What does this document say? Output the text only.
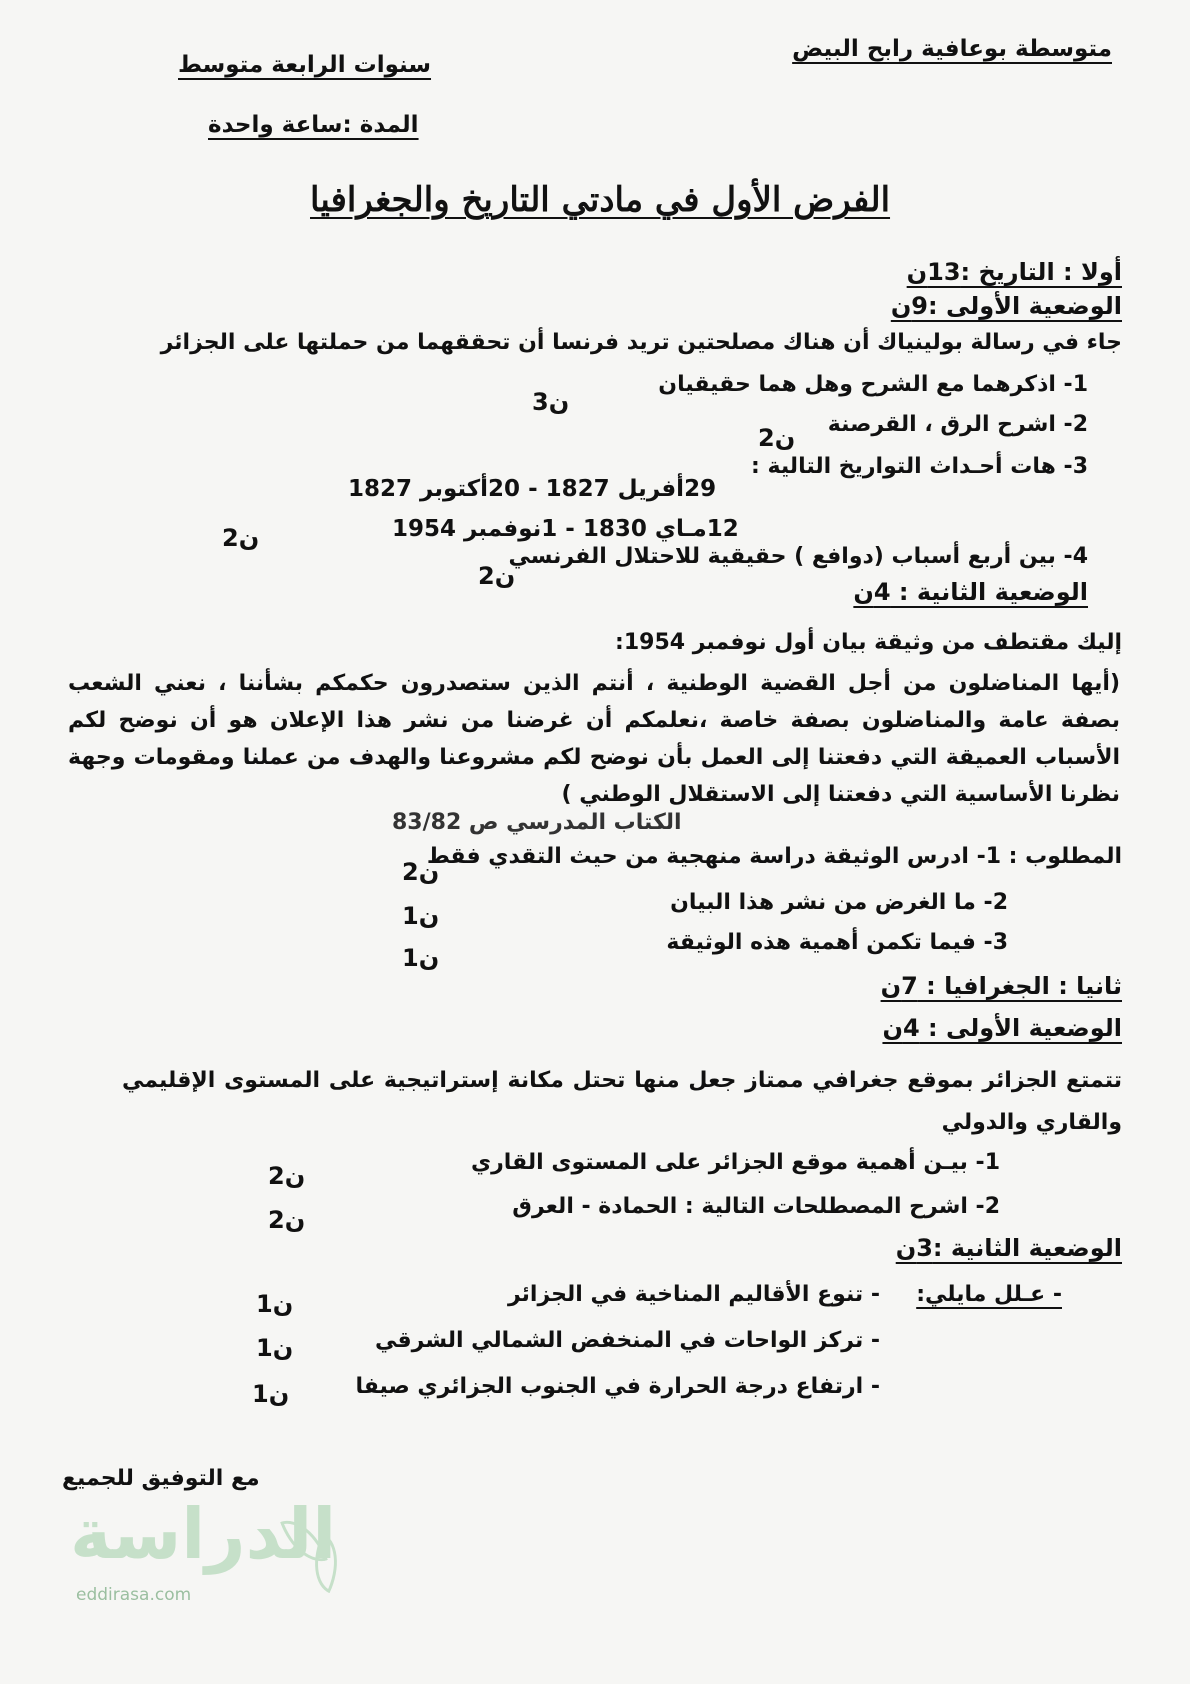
متوسطة بوعافية رابح البيض
سنوات الرابعة متوسط
المدة :ساعة واحدة
الفرض الأول في مادتي التاريخ والجغرافيا
أولا : التاريخ :13ن
الوضعية الأولى :9ن
جاء في رسالة بولينياك أن هناك مصلحتين تريد فرنسا أن تحققهما من حملتها على الجزائر
1- اذكرهما مع الشرح وهل هما حقيقيان
3ن
2- اشرح الرق ، القرصنة
2ن
3- هات أحـداث التواريخ التالية :
29أفريل 1827 - 20أكتوبر 1827
12مـاي 1830 - 1نوفمبر 1954
2ن
4- بين أربع أسباب (دوافع ) حقيقية للاحتلال الفرنسي
2ن
الوضعية الثانية : 4ن
إليك مقتطف من وثيقة بيان أول نوفمبر 1954:
(أيها المناضلون من أجل القضية الوطنية ، أنتم الذين ستصدرون حكمكم بشأننا ، نعني الشعب بصفة عامة والمناضلون بصفة خاصة ،نعلمكم أن غرضنا من نشر هذا الإعلان هو أن نوضح لكم الأسباب العميقة التي دفعتنا إلى العمل بأن نوضح لكم مشروعنا والهدف من عملنا ومقومات وجهة نظرنا الأساسية التي دفعتنا إلى الاستقلال الوطني )
الكتاب المدرسي ص 83/82
المطلوب : 1- ادرس الوثيقة دراسة منهجية من حيث التقدي فقط
2ن
2- ما الغرض من نشر هذا البيان
1ن
3- فيما تكمن أهمية هذه الوثيقة
1ن
ثانيا : الجغرافيا : 7ن
الوضعية الأولى : 4ن
تتمتع الجزائر بموقع جغرافي ممتاز جعل منها تحتل مكانة إستراتيجية على المستوى الإقليمي والقاري والدولي
1- بيـن أهمية موقع الجزائر على المستوى القاري
2ن
2- اشرح المصطلحات التالية : الحمادة - العرق
2ن
الوضعية الثانية :3ن
- عـلل مايلي:
- تنوع الأقاليم المناخية في الجزائر
1ن
- تركز الواحات في المنخفض الشمالي الشرقي
1ن
- ارتفاع درجة الحرارة في الجنوب الجزائري صيفا
1ن
مع التوفيق للجميع
الدراسة
eddirasa.com
